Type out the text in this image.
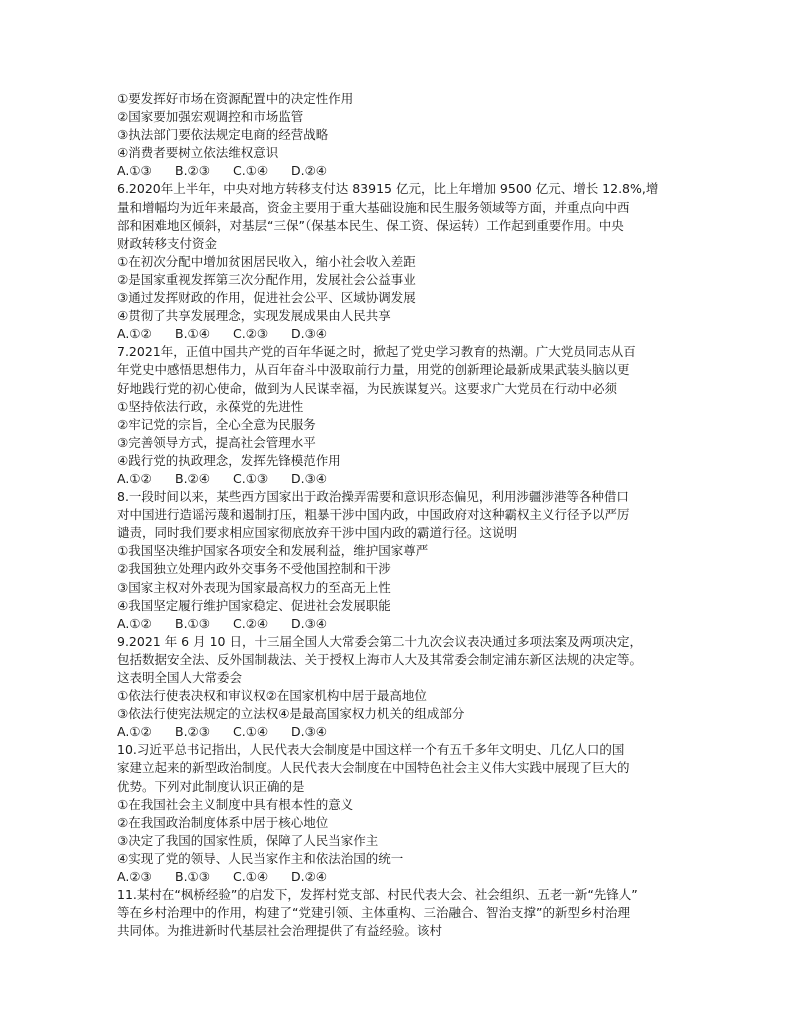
①要发挥好市场在资源配置中的决定性作用
②国家要加强宏观调控和市场监管
③执法部门要依法规定电商的经营战略
④消费者要树立依法维权意识
A.①③	B.②③	C.①④	D.②④
6.2020年上半年，中央对地方转移支付达 83915 亿元，比上年增加 9500 亿元、增长 12.8%,增
量和增幅均为近年来最高，资金主要用于重大基础设施和民生服务领域等方面，并重点向中西
部和困难地区倾斜，对基层“三保”（保基本民生、保工资、保运转）工作起到重要作用。中央
财政转移支付资金
①在初次分配中增加贫困居民收入，缩小社会收入差距
②是国家重视发挥第三次分配作用，发展社会公益事业
③通过发挥财政的作用，促进社会公平、区域协调发展
④贯彻了共享发展理念，实现发展成果由人民共享
A.①②	B.①④	C.②③	D.③④
7.2021年，正值中国共产党的百年华诞之时，掀起了党史学习教育的热潮。广大党员同志从百
年党史中感悟思想伟力，从百年奋斗中汲取前行力量，用党的创新理论最新成果武装头脑以更
好地践行党的初心使命，做到为人民谋幸福，为民族谋复兴。这要求广大党员在行动中必须
①坚持依法行政，永葆党的先进性
②牢记党的宗旨，全心全意为民服务
③完善领导方式，提高社会管理水平
④践行党的执政理念，发挥先锋模范作用
A.①②	B.②④	C.①③	D.③④
8.一段时间以来，某些西方国家出于政治操弄需要和意识形态偏见，利用涉疆涉港等各种借口
对中国进行造谣污蔑和遏制打压，粗暴干涉中国内政，中国政府对这种霸权主义行径予以严厉
谴责，同时我们要求相应国家彻底放弃干涉中国内政的霸道行径。这说明
①我国坚决维护国家各项安全和发展利益，维护国家尊严
②我国独立处理内政外交事务不受他国控制和干涉
③国家主权对外表现为国家最高权力的至高无上性
④我国坚定履行维护国家稳定、促进社会发展职能
A.①②	B.①③	C.②④	D.③④
9.2021 年 6 月 10 日，十三届全国人大常委会第二十九次会议表决通过多项法案及两项决定，
包括数据安全法、反外国制裁法、关于授权上海市人大及其常委会制定浦东新区法规的决定等。
这表明全国人大常委会
①依法行使表决权和审议权②在国家机构中居于最高地位
③依法行使宪法规定的立法权④是最高国家权力机关的组成部分
A.①②	B.②③	C.①④	D.③④
10.习近平总书记指出，人民代表大会制度是中国这样一个有五千多年文明史、几亿人口的国
家建立起来的新型政治制度。人民代表大会制度在中国特色社会主义伟大实践中展现了巨大的
优势。下列对此制度认识正确的是
①在我国社会主义制度中具有根本性的意义
②在我国政治制度体系中居于核心地位
③决定了我国的国家性质，保障了人民当家作主
④实现了党的领导、人民当家作主和依法治国的统一
A.②③	B.①③	C.①④	D.②④
11.某村在“枫桥经验”的启发下，发挥村党支部、村民代表大会、社会组织、五老一新“先锋人”
等在乡村治理中的作用，构建了“党建引领、主体重构、三治融合、智治支撑”的新型乡村治理
共同体。为推进新时代基层社会治理提供了有益经验。该村
